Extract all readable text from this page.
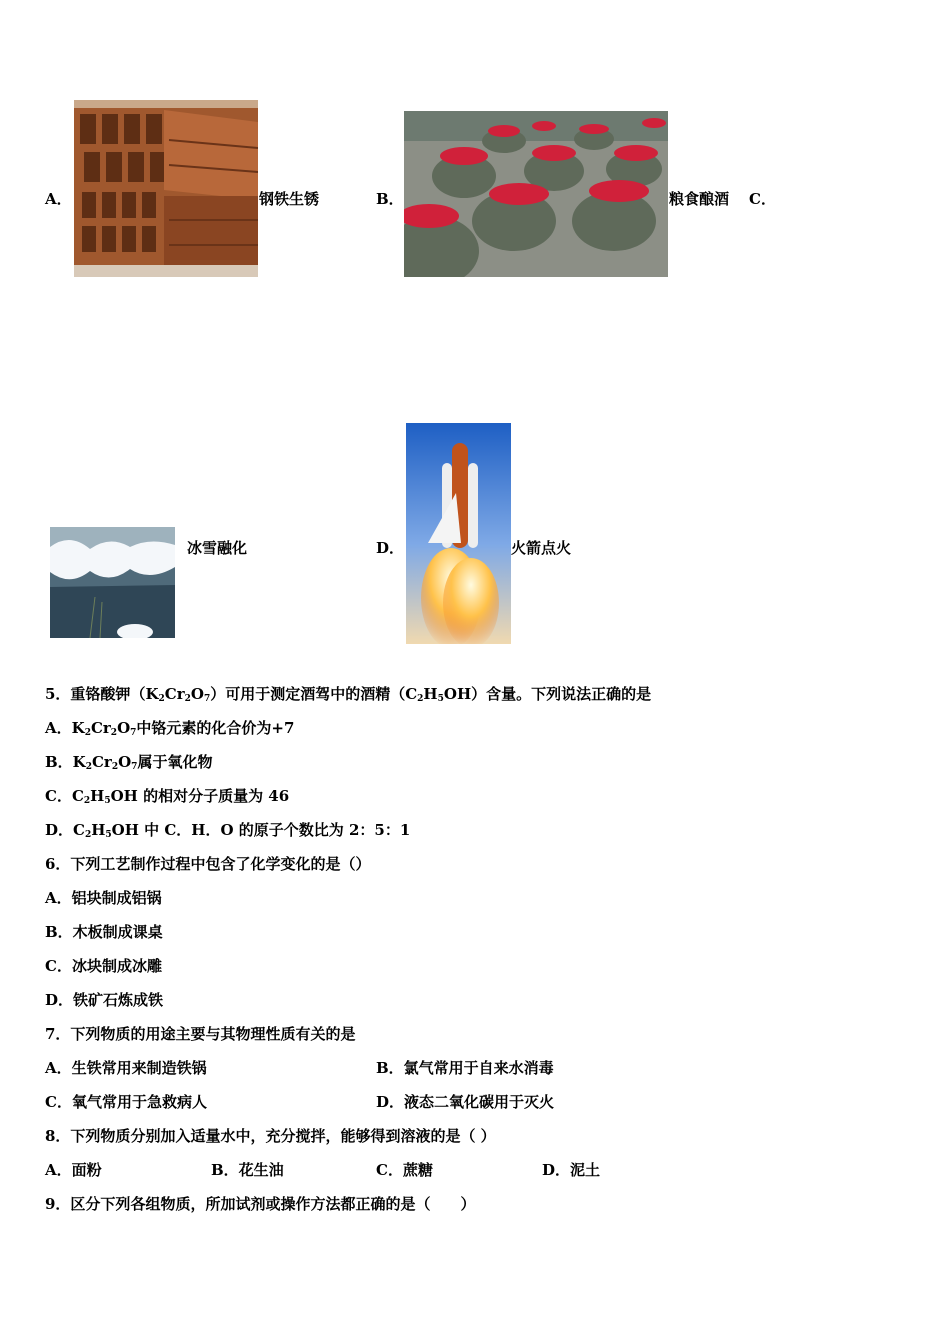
A．	钢铁生锈	B．	粮食酿酒 C．
冰雪融化	D．	火箭点火
5．重铬酸钾$(K_2Cr_2O_7)$可用于测定酒驾中的酒精$(C_2H_5OH)$含量。下列说法正确的是
A．$K_2Cr_2O_7$中铬元素的化合价为+7
B．$K_2Cr_2O_7$属于氧化物
C．$C_2H_5OH$ 的相对分子质量为 46
D．$C_2H_5OH$ 中 C．H．O 的原子个数比为 2：5：1
6．下列工艺制作过程中包含了化学变化的是（）
A．铝块制成铝锅
B．木板制成课桌
C．冰块制成冰雕
D．铁矿石炼成铁
7．下列物质的用途主要与其物理性质有关的是
A．生铁常用来制造铁锅	B．氯气常用于自来水消毒
C．氧气常用于急救病人	D．液态二氧化碳用于灭火
8．下列物质分别加入适量水中，充分搅拌，能够得到溶液的是（ ）
A．面粉	B．花生油	C．蔗糖	D．泥土
9．区分下列各组物质，所加试剂或操作方法都正确的是（　　）
